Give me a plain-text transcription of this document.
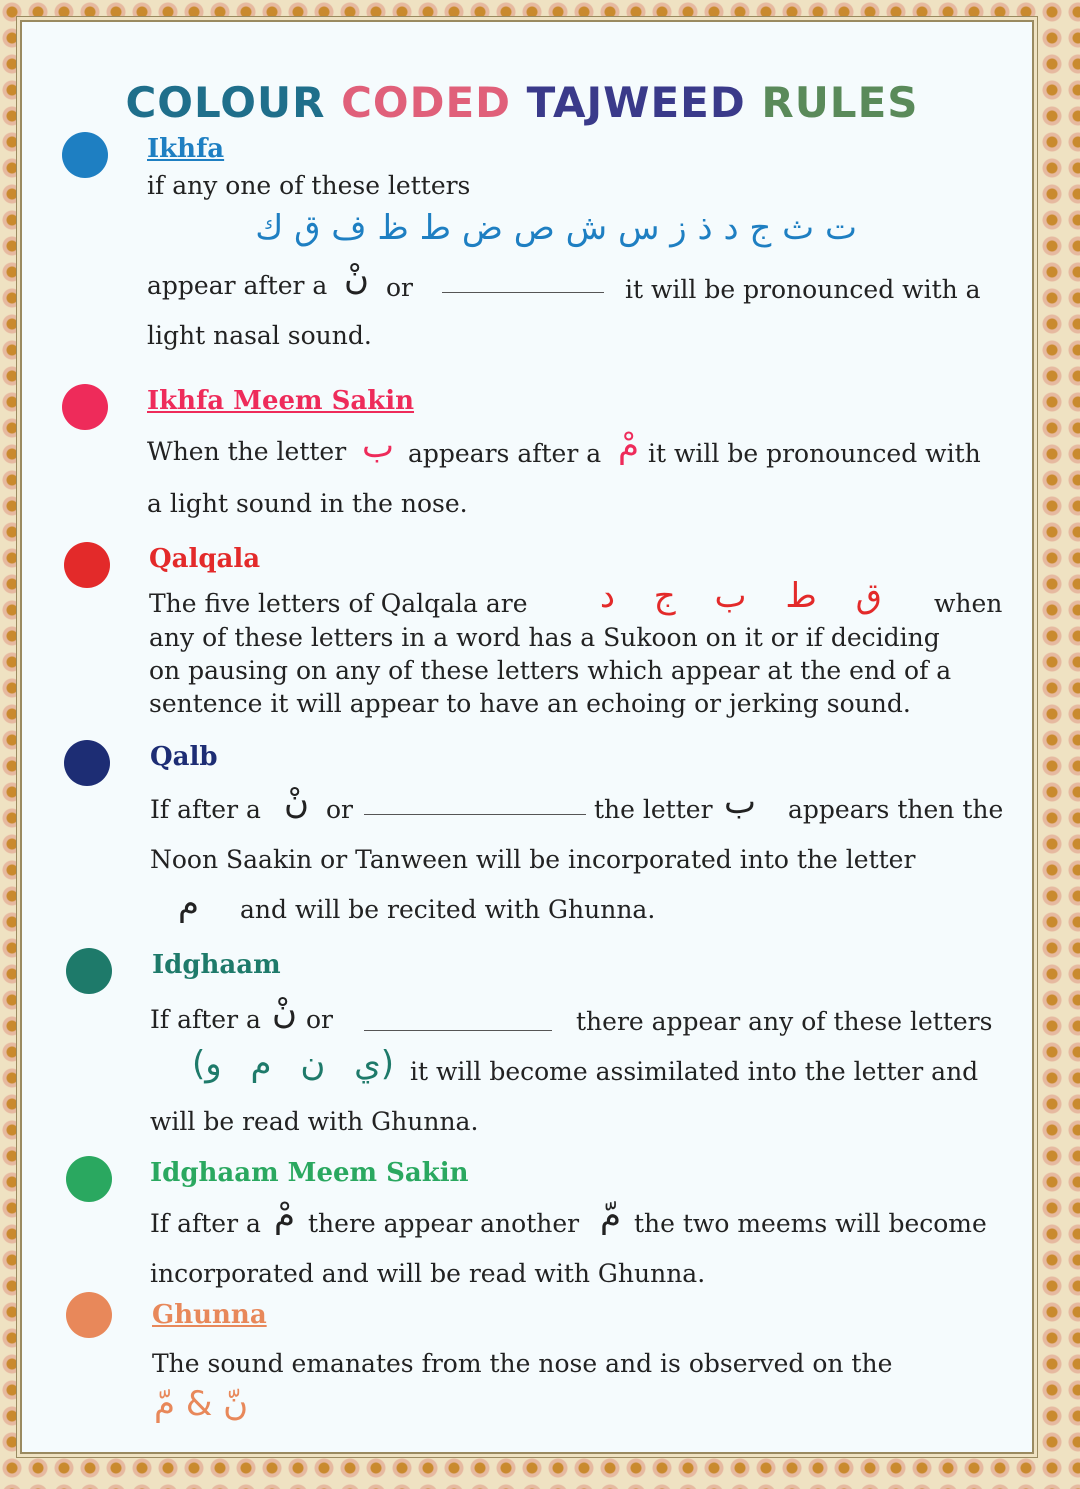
COLOUR CODED TAJWEED RULES
Ikhfa
if any one of these letters
ت ث ج د ذ ز س ش ص ض ط ظ ف ق ك
appear after a نْ or	it will be pronounced with a
light nasal sound.
Ikhfa Meem Sakin
When the letter ب appears after a مْ it will be pronounced with
a light sound in the nose.
Qalqala
The five letters of Qalqala are	ق ط ب ج د when
any of these letters in a word has a Sukoon on it or if deciding
on pausing on any of these letters which appear at the end of a
sentence it will appear to have an echoing or jerking sound.
Qalb
If after a نْ or	the letter ب appears then the
Noon Saakin or Tanween will be incorporated into the letter
م and will be recited with Ghunna.
Idghaam
If after a نْ or	there appear any of these letters
(ي ن م و) it will become assimilated into the letter and
will be read with Ghunna.
Idghaam Meem Sakin
If after a مْ there appear another مّ the two meems will become
incorporated and will be read with Ghunna.
Ghunna
The sound emanates from the nose and is observed on the
نّ & مّ
